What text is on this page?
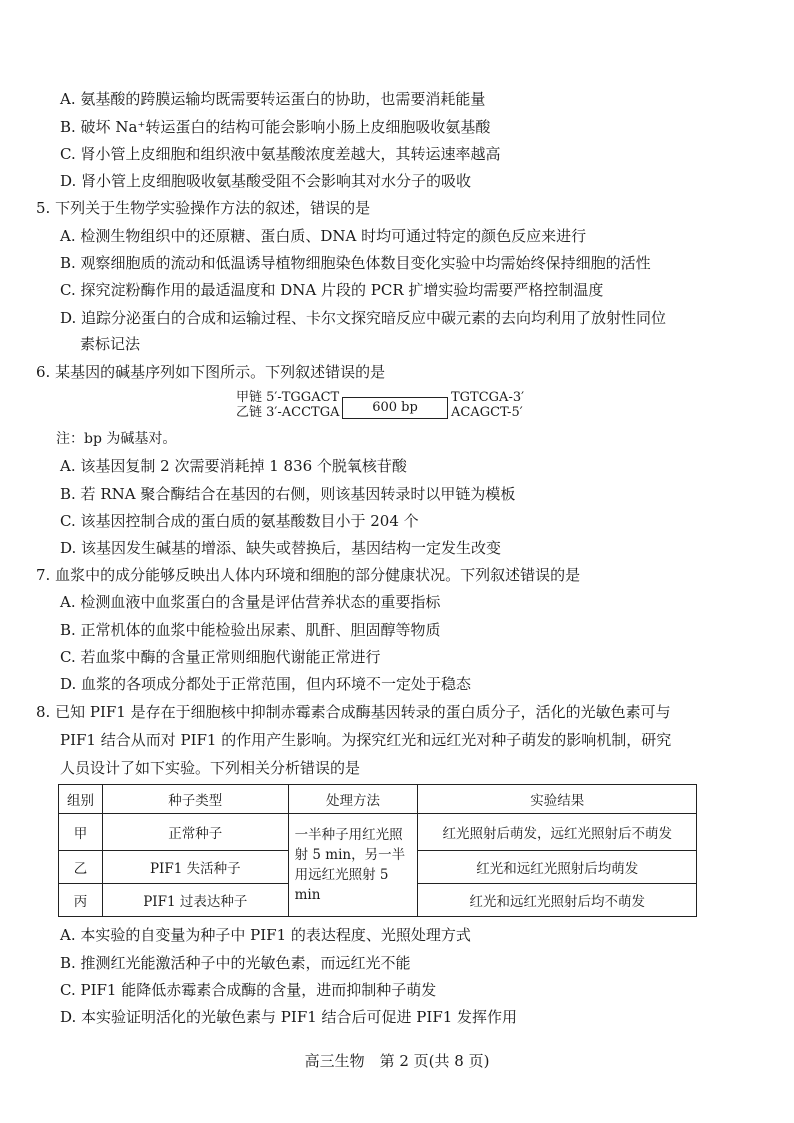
A. 氨基酸的跨膜运输均既需要转运蛋白的协助，也需要消耗能量
B. 破坏 Na⁺转运蛋白的结构可能会影响小肠上皮细胞吸收氨基酸
C. 肾小管上皮细胞和组织液中氨基酸浓度差越大，其转运速率越高
D. 肾小管上皮细胞吸收氨基酸受阻不会影响其对水分子的吸收
5. 下列关于生物学实验操作方法的叙述，错误的是
A. 检测生物组织中的还原糖、蛋白质、DNA 时均可通过特定的颜色反应来进行
B. 观察细胞质的流动和低温诱导植物细胞染色体数目变化实验中均需始终保持细胞的活性
C. 探究淀粉酶作用的最适温度和 DNA 片段的 PCR 扩增实验均需要严格控制温度
D. 追踪分泌蛋白的合成和运输过程、卡尔文探究暗反应中碳元素的去向均利用了放射性同位
素标记法
6. 某基因的碱基序列如下图所示。下列叙述错误的是
甲链 5′-TGGACT
乙链 3′-ACCTGA	600 bp
TGTCGA-3′
ACAGCT-5′
注：bp 为碱基对。
A. 该基因复制 2 次需要消耗掉 1 836 个脱氧核苷酸
B. 若 RNA 聚合酶结合在基因的右侧，则该基因转录时以甲链为模板
C. 该基因控制合成的蛋白质的氨基酸数目小于 204 个
D. 该基因发生碱基的增添、缺失或替换后，基因结构一定发生改变
7. 血浆中的成分能够反映出人体内环境和细胞的部分健康状况。下列叙述错误的是
A. 检测血液中血浆蛋白的含量是评估营养状态的重要指标
B. 正常机体的血浆中能检验出尿素、肌酐、胆固醇等物质
C. 若血浆中酶的含量正常则细胞代谢能正常进行
D. 血浆的各项成分都处于正常范围，但内环境不一定处于稳态
8. 已知 PIF1 是存在于细胞核中抑制赤霉素合成酶基因转录的蛋白质分子，活化的光敏色素可与
PIF1 结合从而对 PIF1 的作用产生影响。为探究红光和远红光对种子萌发的影响机制，研究
人员设计了如下实验。下列相关分析错误的是
组别	种子类型	处理方法	实验结果
甲	正常种子	一半种子用红光照射 5 min，另一半用远红光照射 5 min	红光照射后萌发，远红光照射后不萌发
乙	PIF1 失活种子		红光和远红光照射后均萌发
丙	PIF1 过表达种子		红光和远红光照射后均不萌发
A. 本实验的自变量为种子中 PIF1 的表达程度、光照处理方式
B. 推测红光能激活种子中的光敏色素，而远红光不能
C. PIF1 能降低赤霉素合成酶的含量，进而抑制种子萌发
D. 本实验证明活化的光敏色素与 PIF1 结合后可促进 PIF1 发挥作用
高三生物　第 2 页(共 8 页)
